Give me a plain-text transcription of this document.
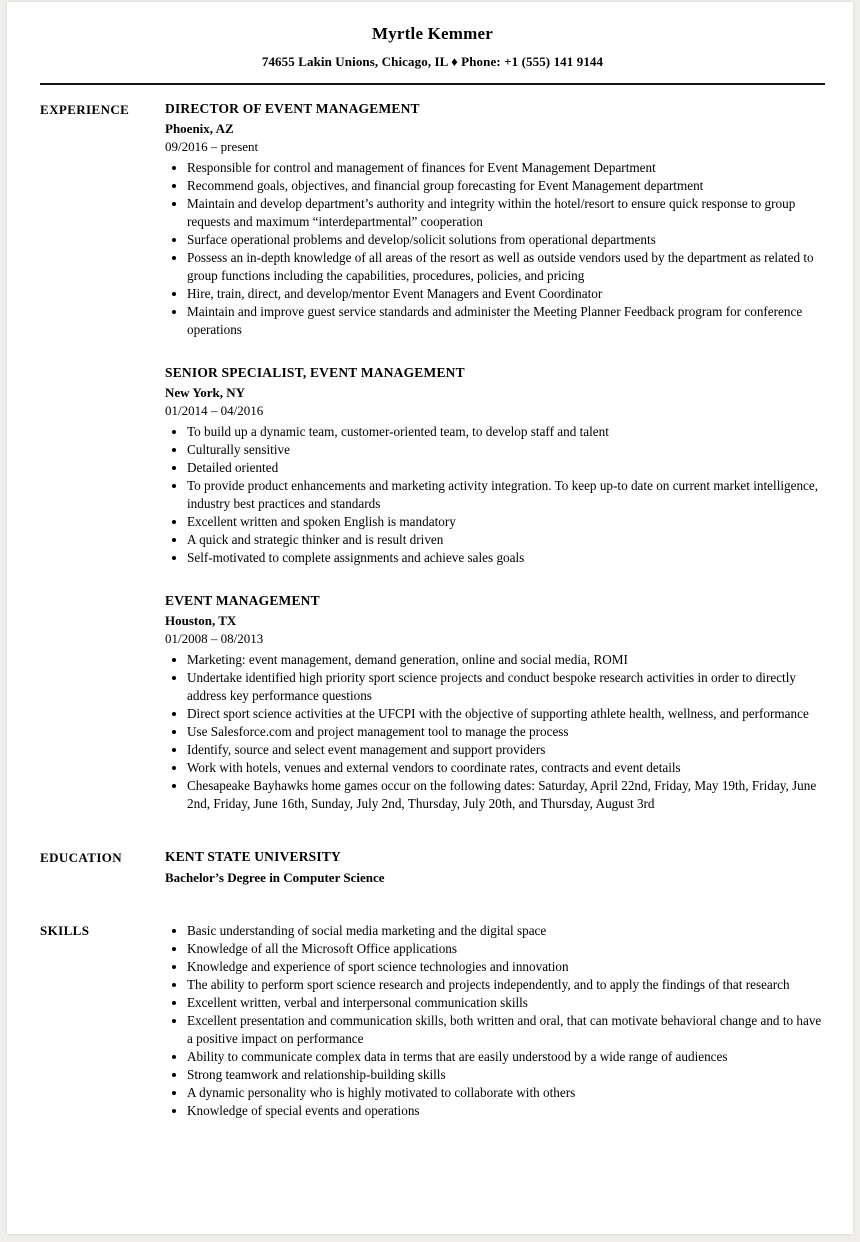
Myrtle Kemmer
74655 Lakin Unions, Chicago, IL ♦ Phone: +1 (555) 141 9144
EXPERIENCE	DIRECTOR OF EVENT MANAGEMENT
Phoenix, AZ
09/2016 – present
• Responsible for control and management of finances for Event Management Department
• Recommend goals, objectives, and financial group forecasting for Event Management department
• Maintain and develop department’s authority and integrity within the hotel/resort to ensure quick response to group requests and maximum “interdepartmental” cooperation
• Surface operational problems and develop/solicit solutions from operational departments
• Possess an in-depth knowledge of all areas of the resort as well as outside vendors used by the department as related to group functions including the capabilities, procedures, policies, and pricing
• Hire, train, direct, and develop/mentor Event Managers and Event Coordinator
• Maintain and improve guest service standards and administer the Meeting Planner Feedback program for conference operations
SENIOR SPECIALIST, EVENT MANAGEMENT
New York, NY
01/2014 – 04/2016
• To build up a dynamic team, customer-oriented team, to develop staff and talent
• Culturally sensitive
• Detailed oriented
• To provide product enhancements and marketing activity integration. To keep up-to date on current market intelligence, industry best practices and standards
• Excellent written and spoken English is mandatory
• A quick and strategic thinker and is result driven
• Self-motivated to complete assignments and achieve sales goals
EVENT MANAGEMENT
Houston, TX
01/2008 – 08/2013
• Marketing: event management, demand generation, online and social media, ROMI
• Undertake identified high priority sport science projects and conduct bespoke research activities in order to directly address key performance questions
• Direct sport science activities at the UFCPI with the objective of supporting athlete health, wellness, and performance
• Use Salesforce.com and project management tool to manage the process
• Identify, source and select event management and support providers
• Work with hotels, venues and external vendors to coordinate rates, contracts and event details
• Chesapeake Bayhawks home games occur on the following dates: Saturday, April 22nd, Friday, May 19th, Friday, June 2nd, Friday, June 16th, Sunday, July 2nd, Thursday, July 20th, and Thursday, August 3rd
EDUCATION	KENT STATE UNIVERSITY
Bachelor’s Degree in Computer Science
SKILLS	• Basic understanding of social media marketing and the digital space
• Knowledge of all the Microsoft Office applications
• Knowledge and experience of sport science technologies and innovation
• The ability to perform sport science research and projects independently, and to apply the findings of that research
• Excellent written, verbal and interpersonal communication skills
• Excellent presentation and communication skills, both written and oral, that can motivate behavioral change and to have a positive impact on performance
• Ability to communicate complex data in terms that are easily understood by a wide range of audiences
• Strong teamwork and relationship-building skills
• A dynamic personality who is highly motivated to collaborate with others
• Knowledge of special events and operations
